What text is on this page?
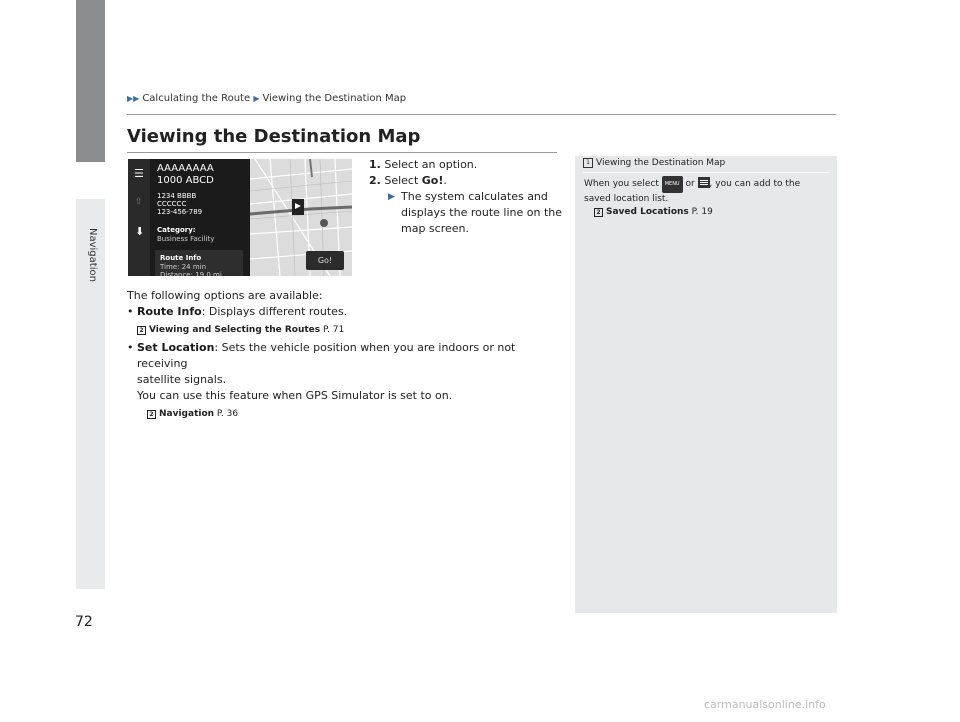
Navigation
▶▶ Calculating the Route ▶ Viewing the Destination Map
Viewing the Destination Map
☰
⇧
⬇
AAAAAAAA
1000 ABCD
1234 BBBB
CCCCCC
123-456-789
Category:
Business Facility
Route Info
Time: 24 min
Distance: 19.0 mi
Go!
1. Select an option.
2. Select Go!.
▶ The system calculates and
displays the route line on the
map screen.
The following options are available:
• Route Info: Displays different routes.
2 Viewing and Selecting the Routes P. 71
• Set Location: Sets the vehicle position when you are indoors or not receiving
satellite signals.
You can use this feature when GPS Simulator is set to on.
2 Navigation P. 36
1 Viewing the Destination Map
When you select MENU or , you can add to the
saved location list.
2 Saved Locations P. 19
72
carmanualsonline.info
